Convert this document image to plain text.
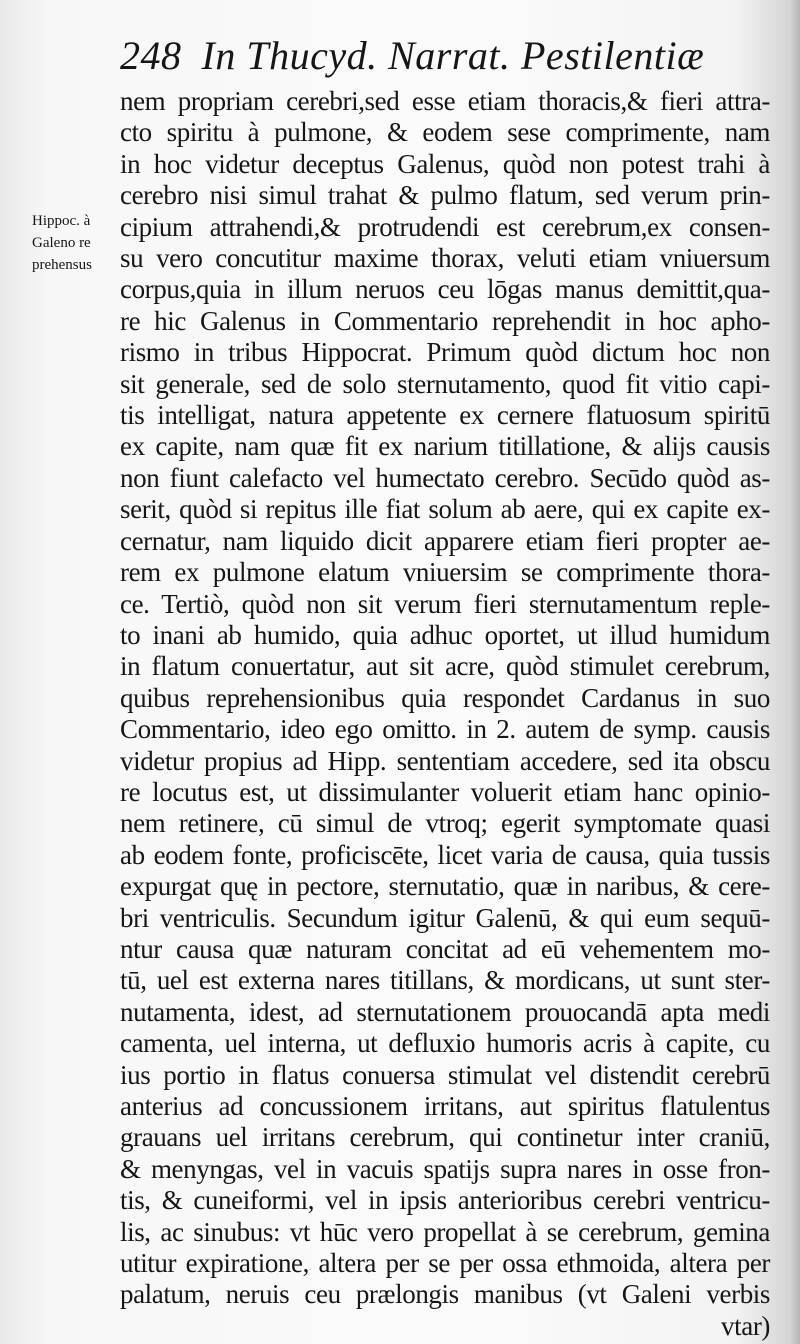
248 In Thucyd. Narrat. Pestilentiæ
Hippoc. à
Galeno re
prehensus
nem propriam cerebri,sed esse etiam thoracis,& fieri attra-
cto spiritu à pulmone, & eodem sese comprimente, nam
in hoc videtur deceptus Galenus, quòd non potest trahi à
cerebro nisi simul trahat & pulmo flatum, sed verum prin-
cipium attrahendi,& protrudendi est cerebrum,ex consen-
su vero concutitur maxime thorax, veluti etiam vniuersum
corpus,quia in illum neruos ceu lōgas manus demittit,qua-
re hic Galenus in Commentario reprehendit in hoc apho-
rismo in tribus Hippocrat. Primum quòd dictum hoc non
sit generale, sed de solo sternutamento, quod fit vitio capi-
tis intelligat, natura appetente ex cernere flatuosum spiritū
ex capite, nam quæ fit ex narium titillatione, & alijs causis
non fiunt calefacto vel humectato cerebro. Secūdo quòd as-
serit, quòd si repitus ille fiat solum ab aere, qui ex capite ex-
cernatur, nam liquido dicit apparere etiam fieri propter ae-
rem ex pulmone elatum vniuersim se comprimente thora-
ce. Tertiò, quòd non sit verum fieri sternutamentum reple-
to inani ab humido, quia adhuc oportet, ut illud humidum
in flatum conuertatur, aut sit acre, quòd stimulet cerebrum,
quibus reprehensionibus quia respondet Cardanus in suo
Commentario, ideo ego omitto. in 2. autem de symp. causis
videtur propius ad Hipp. sententiam accedere, sed ita obscu
re locutus est, ut dissimulanter voluerit etiam hanc opinio-
nem retinere, cū simul de vtroq; egerit symptomate quasi
ab eodem fonte, proficiscēte, licet varia de causa, quia tussis
expurgat quę in pectore, sternutatio, quæ in naribus, & cere-
bri ventriculis. Secundum igitur Galenū, & qui eum sequū-
ntur causa quæ naturam concitat ad eū vehementem mo-
tū, uel est externa nares titillans, & mordicans, ut sunt ster-
nutamenta, idest, ad sternutationem prouocandā apta medi
camenta, uel interna, ut defluxio humoris acris à capite, cu
ius portio in flatus conuersa stimulat vel distendit cerebrū
anterius ad concussionem irritans, aut spiritus flatulentus
grauans uel irritans cerebrum, qui continetur inter craniū,
& menyngas, vel in vacuis spatijs supra nares in osse fron-
tis, & cuneiformi, vel in ipsis anterioribus cerebri ventricu-
lis, ac sinubus: vt hūc vero propellat à se cerebrum, gemina
utitur expiratione, altera per se per ossa ethmoida, altera per
palatum, neruis ceu prælongis manibus (vt Galeni verbis
vtar)
